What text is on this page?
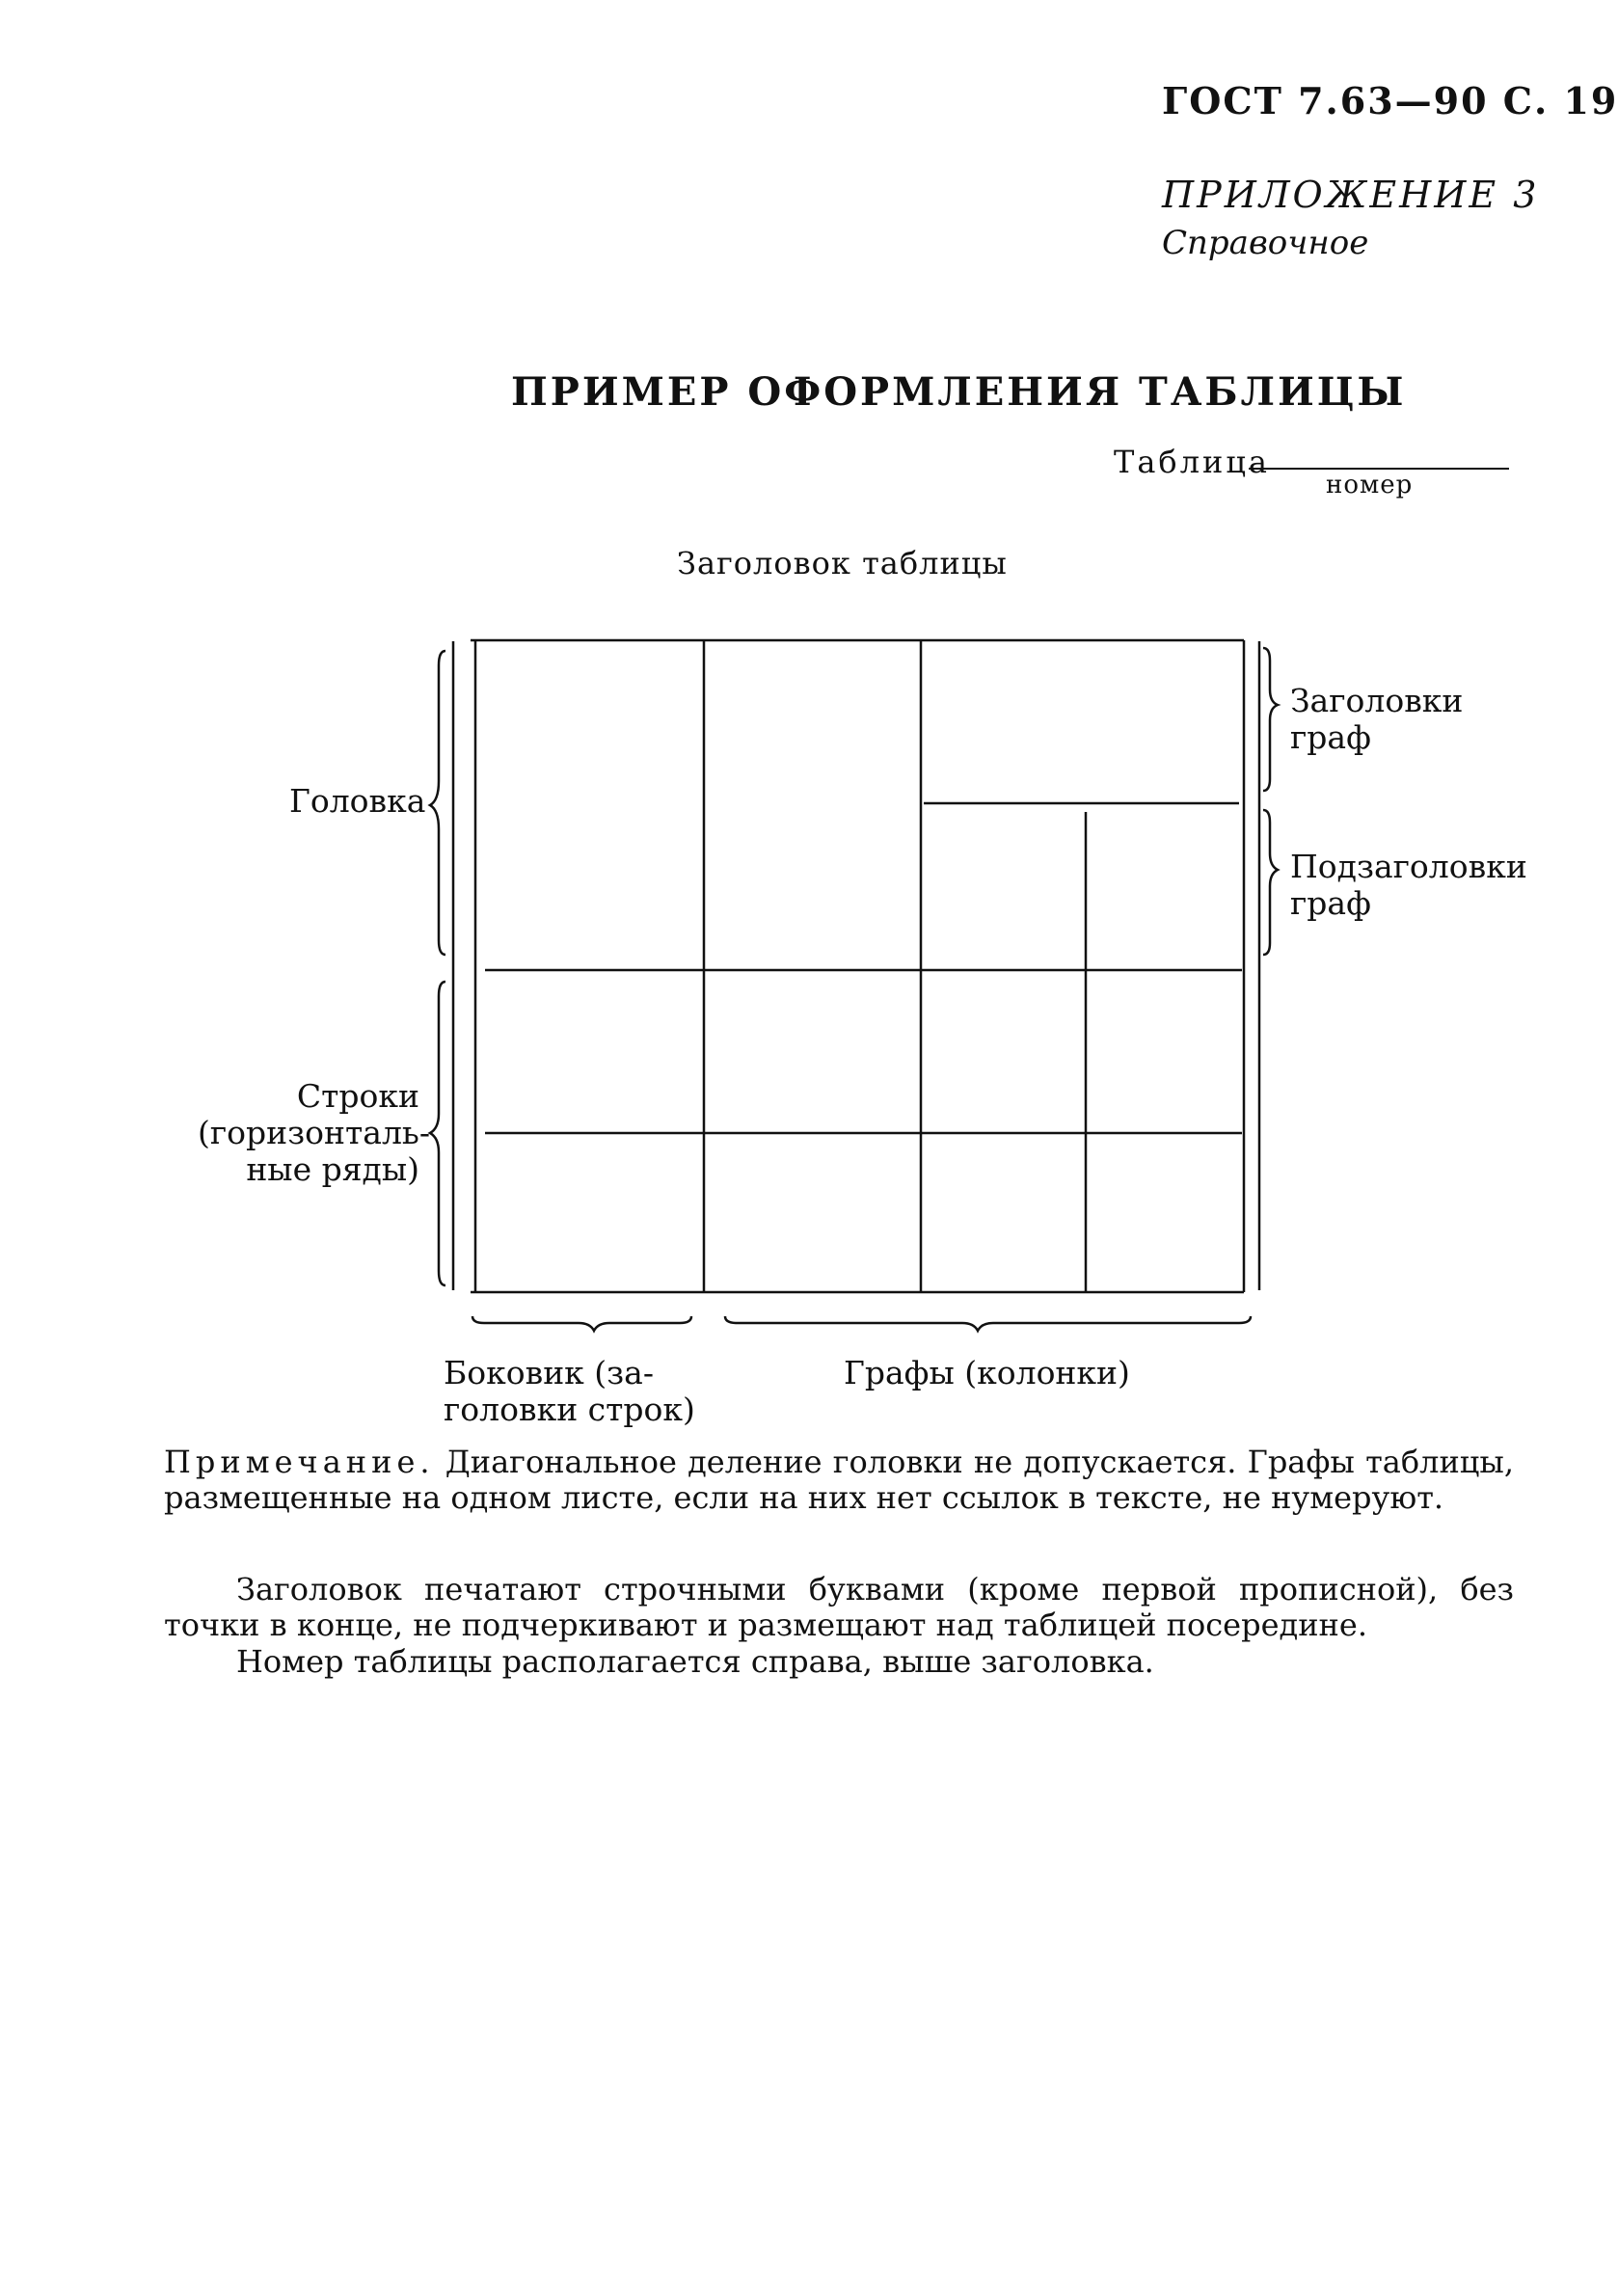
ГОСТ 7.63—90 С. 19
ПРИЛОЖЕНИЕ 3
Справочное
ПРИМЕР ОФОРМЛЕНИЯ ТАБЛИЦЫ
Таблица
номер
Заголовок таблицы
Головка
Строки
(горизонталь-
ные ряды)
Заголовки
граф
Подзаголовки
граф
Боковик (за-
головки строк)
Графы (колонки)
Примечание. Диагональное деление головки не допускается. Графы таблицы, размещенные на одном листе, если на них нет ссылок в тексте, не нумеруют.
Заголовок печатают строчными буквами (кроме первой прописной), без точки в конце, не подчеркивают и размещают над таблицей посередине.
Номер таблицы располагается справа, выше заголовка.
